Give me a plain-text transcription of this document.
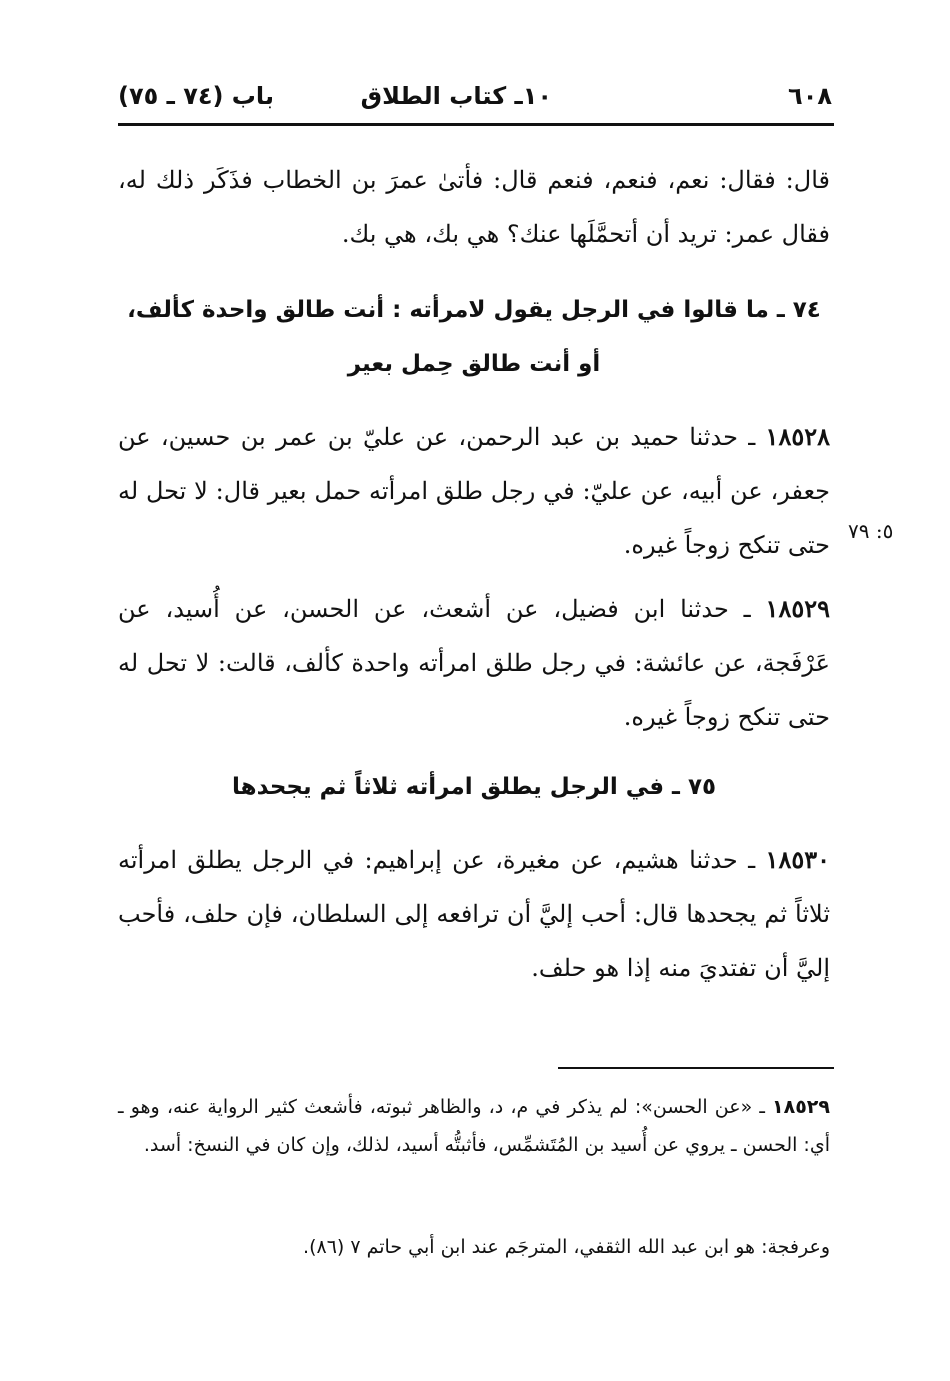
٦٠٨
١٠ـ كتاب الطلاق
باب (٧٤ ـ ٧٥)

قال: فقال: نعم، فنعم، فنعم قال: فأتىٰ عمرَ بن الخطاب فذَكَر ذلك له، فقال عمر: تريد أن أتحمَّلَها عنك؟ هي بك، هي بك.

٧٤ ـ ما قالوا في الرجل يقول لامرأته : أنت طالق واحدة كألف، أو أنت طالق حِمل بعير

١٨٥٢٨ ـ حدثنا حميد بن عبد الرحمن، عن عليّ بن عمر بن حسين، عن جعفر، عن أبيه، عن عليّ: في رجل طلق امرأته حمل بعير قال: لا تحل له حتى تنكح زوجاً غيره. ٥: ٧٩

١٨٥٢٩ ـ حدثنا ابن فضيل، عن أشعث، عن الحسن، عن أُسيد، عن عَرْفَجة، عن عائشة: في رجل طلق امرأته واحدة كألف، قالت: لا تحل له حتى تنكح زوجاً غيره.

٧٥ ـ في الرجل يطلق امرأته ثلاثاً ثم يجحدها

١٨٥٣٠ ـ حدثنا هشيم، عن مغيرة، عن إبراهيم: في الرجل يطلق امرأته ثلاثاً ثم يجحدها قال: أحب إليَّ أن ترافعه إلى السلطان، فإن حلف، فأحب إليَّ أن تفتديَ منه إذا هو حلف.

١٨٥٢٩ ـ «عن الحسن»: لم يذكر في م، د، والظاهر ثبوته، فأشعث كثير الرواية عنه، وهو ـ أي: الحسن ـ يروي عن أُسيد بن المُتَشمِّس، فأثبتُّه أسيد، لذلك، وإن كان في النسخ: أسد.

وعرفجة: هو ابن عبد الله الثقفي، المترجَم عند ابن أبي حاتم ٧ (٨٦).
